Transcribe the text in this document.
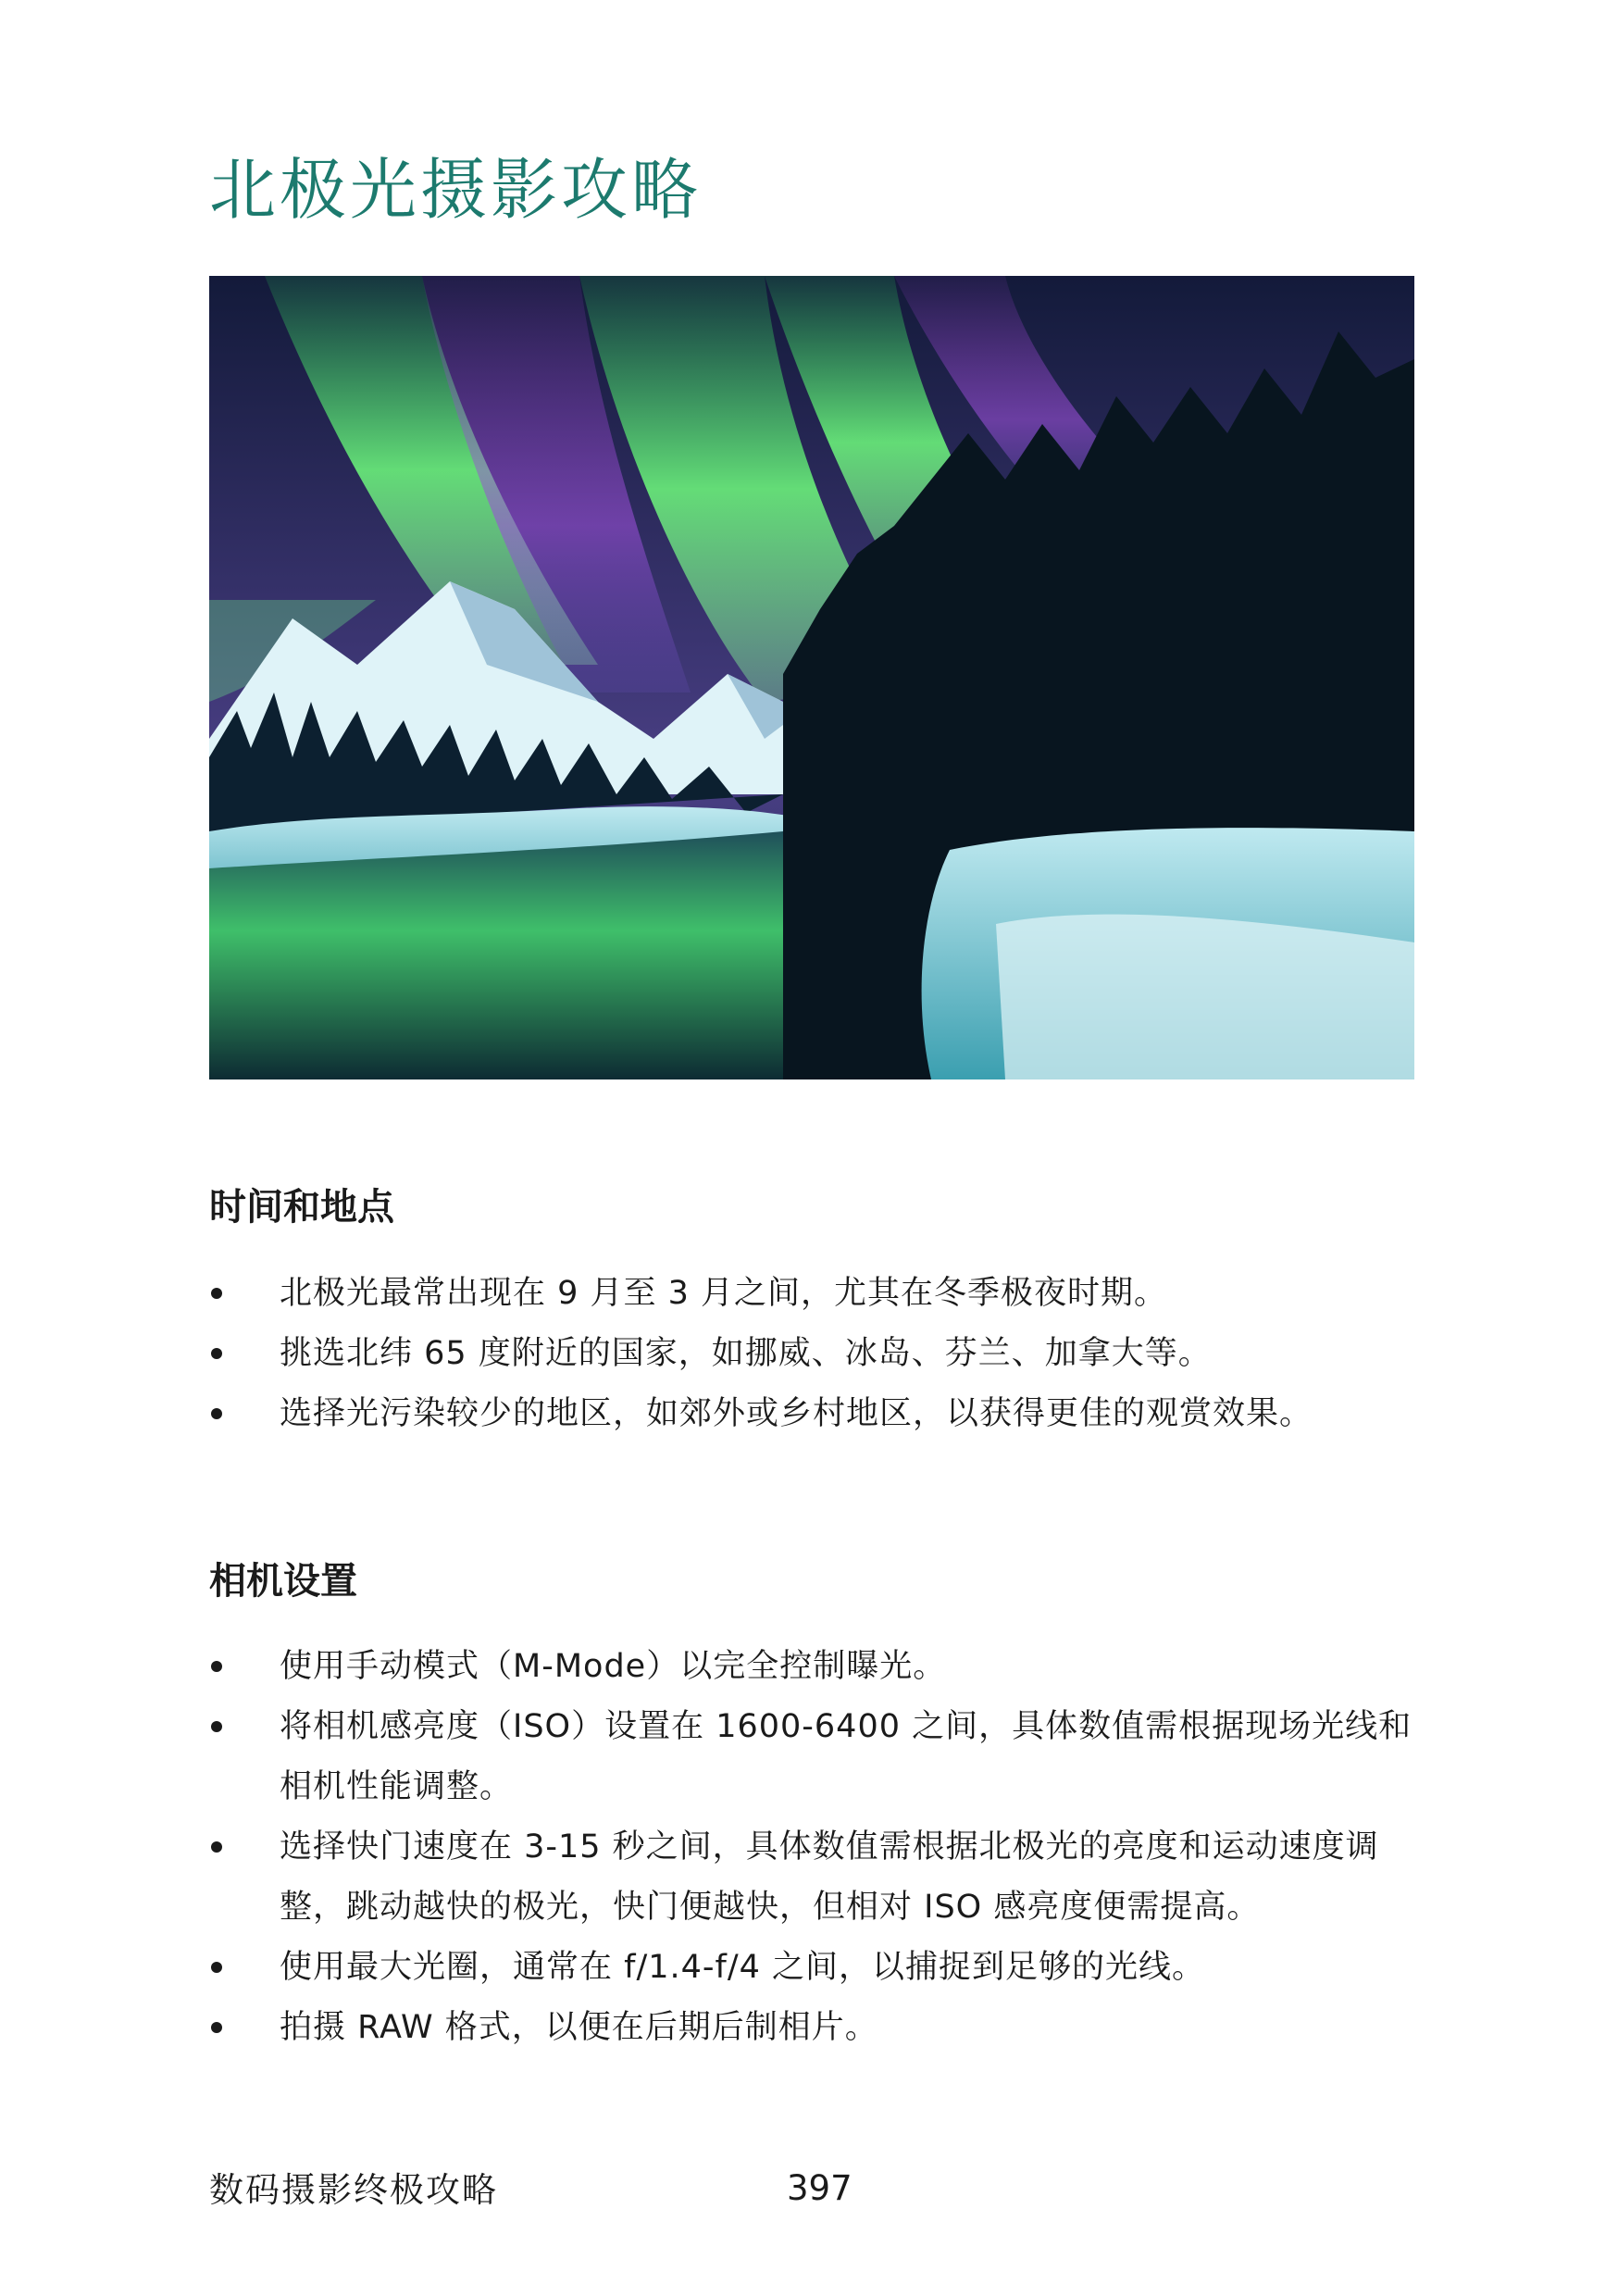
北极光摄影攻略
时间和地点
北极光最常出现在 9 月至 3 月之间，尤其在冬季极夜时期。
挑选北纬 65 度附近的国家，如挪威、冰岛、芬兰、加拿大等。
选择光污染较少的地区，如郊外或乡村地区，以获得更佳的观赏效果。
相机设置
使用手动模式（M-Mode）以完全控制曝光。
将相机感亮度（ISO）设置在 1600-6400 之间，具体数值需根据现场光线和相机性能调整。
选择快门速度在 3-15 秒之间，具体数值需根据北极光的亮度和运动速度调整，跳动越快的极光，快门便越快，但相对 ISO 感亮度便需提高。
使用最大光圈，通常在 f/1.4-f/4 之间，以捕捉到足够的光线。
拍摄 RAW 格式，以便在后期后制相片。
数码摄影终极攻略	397
